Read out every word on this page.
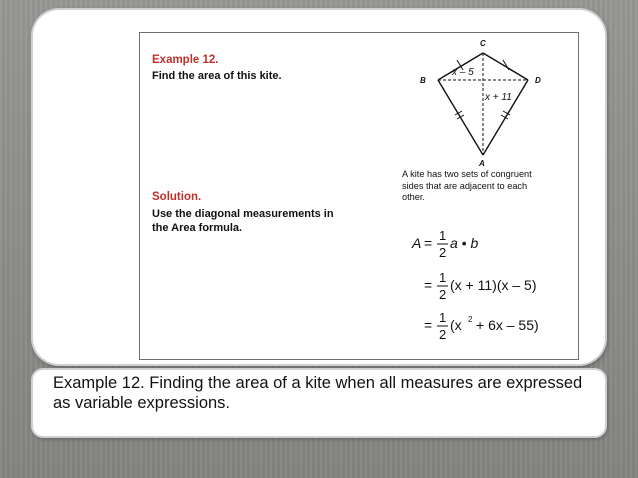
Example 12.
Find the area of this kite.
C
B	D
A
x – 5
x + 11
A kite has two sets of congruent sides that are adjacent to each other.
Solution.
Use the diagonal measurements in the Area formula.
A = 1
2
a • b
= 1
2
(x + 11)(x – 5)
= 1
2
(x 2 + 6x – 55)
Example 12. Finding the area of a kite when all measures are expressed as variable expressions.
